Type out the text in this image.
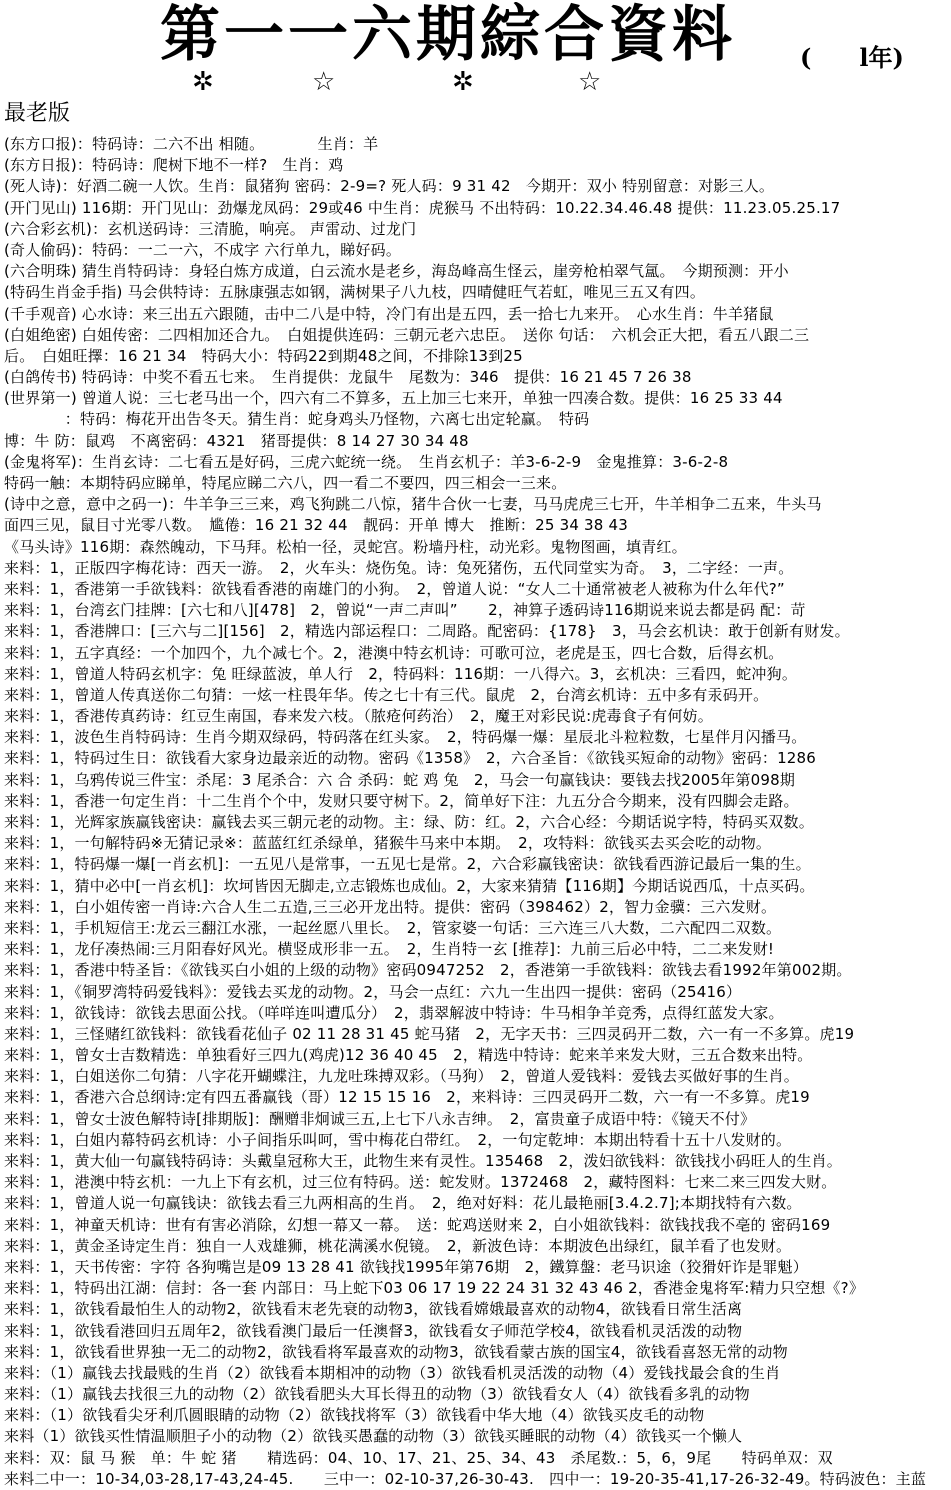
第一一六期綜合資料	(　　l年)
✲	☆	✲	☆
最老版
(东方口报)：特码诗：二六不出 相随。　　　　生肖：羊
(东方日报)：特码诗：爬树下地不一样?　生肖：鸡
(死人诗)：好酒二碗一人饮。生肖：鼠猪狗 密码：2-9=? 死人码：9 31 42　今期开：双小 特别留意：对影三人。
(开门见山) 116期：开门见山：劲爆龙凤码：29或46 中生肖：虎猴马 不出特码：10.22.34.46.48 提供：11.23.05.25.17
(六合彩玄机)：玄机送码诗：三清脆，响亮。 声雷动、过龙门
(奇人偷码)：特码：一二一六，不成字 六行单九，睇好码。
(六合明珠) 猜生肖特码诗：身轻白炼方成道，白云流水是老乡，海岛峰高生怪云，崖旁枪柏翠气氲。　今期预测：开小
(特码生肖金手指) 马会供特诗：五脉康强志如钢，满树果子八九枝，四晴健旺气若虹，唯见三五又有四。
(千手观音) 心水诗：来三出五六跟随，击中二八是中特，冷门有出是五四，丢一拾七九来开。　心水生肖：牛羊猪鼠
(白姐绝密) 白姐传密：二四相加还合九。　白姐提供连码：三朝元老六忠臣。　送你 句话：　六机会正大把，看五八跟二三
后。　白姐旺擇：16 21 34　特码大小：特码22到期48之间，不排除13到25
(白鸽传书) 特码诗：中奖不看五七来。　生肖提供：龙鼠牛　尾数为：346　提供：16 21 45 7 26 38
(世界第一) 曾道人说：三七老马出一个，四六有二不算多，五上加三七来开，单独一四凑合数。提供：16 25 33 44
　　　　：特码：梅花开出告冬天。猜生肖：蛇身鸡头乃怪物，六离七出定轮赢。　特码
博：牛 防：鼠鸡　不离密码：4321　猪哥提供：8 14 27 30 34 48
(金鬼将军)：生肖玄诗：二七看五是好码，三虎六蛇统一绕。　生肖玄机子：羊3-6-2-9　金鬼推算：3-6-2-8
特码一触：本期特码应睇单，特尾应睇二六八，四一看二不要四，四三相会一三来。
(诗中之意，意中之码一)：牛羊争三三来，鸡飞狗跳二八惊，猪牛合伙一七妻，马马虎虎三七开，牛羊相争二五来，牛头马
面四三见，鼠目寸光零八数。　尴倦：16 21 32 44　靓码：开单 博大　推断：25 34 38 43
《马头诗》116期：森然魄动，下马拜。松柏一径，灵蛇宫。粉墙丹柱，动光彩。鬼物图画，填青红。
来料：1，正版四字梅花诗：西天一游。　2，火车头：烧伤兔。诗：兔死猪伤，五代同堂实为奇。　3，二字经：一声。
来料：1，香港第一手欲钱料：欲钱看香港的南雄门的小狗。　2，曾道人说：“女人二十通常被老人被称为什么年代?”
来料：1，台湾玄门挂牌：[六七和八][478]　2，曾说“一声二声叫”　　2，神算子透码诗116期说来说去都是码 配：苛
来料：1，香港牌口：[三六与二][156]　2，精选内部运程口：二周路。配密码：{178}　3，马会玄机诀：敢于创新有财发。
来料：1，五字真经：一个加四个，九个减七个。2，港澳中特玄机诗：可歌可泣，老虎是玉，四七合数，后得玄机。
来料：1，曾道人特码玄机字：兔 旺绿蓝波，单人行　2，特码料：116期：一八得六。3，玄机决：三看四，蛇冲狗。
来料：1，曾道人传真送你二句猜：一炫一柱畏年华。传之七十有三代。鼠虎　2，台湾玄机诗：五中多有汞码开。
来料：1，香港传真药诗：红豆生南国，春来发六枝。（脓疮何药治）　2，魔王对彩民说:虎毒食子有何妨。
来料：1，波色生肖特码诗：生肖今期双绿码，特码落在红头家。　2，特码爆一爆：星辰北斗粒粒数，七星伴月闪播马。
来料：1，特码过生日：欲钱看大家身边最亲近的动物。密码《1358》　2，六合圣旨：《欲钱买短命的动物》密码：1286
来料：1，乌鸦传说三件宝：杀尾：3 尾杀合：六 合 杀码：蛇 鸡 兔　2，马会一句赢钱诀：要钱去找2005年第098期
来料：1，香港一句定生肖：十二生肖个个中，发财只要守树下。2，简单好下注：九五分合今期来，没有四脚会走路。
来料：1，光辉家族赢钱密诀：赢钱去买三朝元老的动物。主：绿、防：红。2，六合心经：今期话说字特，特码买双数。
来料：1，一句解特码※无猜记录※：蓝蓝红红杀绿单，猪猴牛马来中本期。　2，攻特料：欲钱买去买会吃的动物。
来料：1，特码爆一爆[一肖玄机]：一五见八是常事，一五见七是常。2，六合彩赢钱密诀：欲钱看西游记最后一集的生。
来料：1，猜中必中[一肖玄机]：坎坷皆因无脚走,立志锻炼也成仙。2，大家来猜猜【116期】今期话说西瓜，十点买码。
来料：1，白小姐传密一肖诗:六合人生二五造,三三必开龙出特。提供：密码（398462）2，智力金骥：三六发财。
来料：1，手机短信王:龙云三翻江水涨，一起丝愿八里长。　2，管家婆一句话：三六连三八大数，二六配四二双数。
来料：1，龙仔凑热闹:三月阳春好风光。横竖成形非一五。　2，生肖特一玄 [推荐]：九前三后必中特，二二来发财!
来料：1，香港中特圣旨：《欲钱买白小姐的上级的动物》密码0947252　2，香港第一手欲钱料：欲钱去看1992年第002期。
来料：1，《铜罗湾特码爱钱料》：爱钱去买龙的动物。2，马会一点红：六九一生出四一提供：密码（25416）
来料：1，欲钱诗：欲钱去思面公找。（咩咩连叫遭瓜分）　2，翡翠解波中特诗：牛马相争羊竞秀，点得红蓝发大家。
来料：1，三怪赌红欲钱料：欲钱看花仙子 02 11 28 31 45 蛇马猪　2，无字天书：三四灵码开二数，六一有一不多算。虎19
来料：1，曾女士吉数精选：单独看好三四九(鸡虎)12 36 40 45　2，精选中特诗：蛇来羊来发大财，三五合数来出特。
来料：1，白姐送你二句猜：八字花开蝴蝶注，九龙吐珠搏双彩。（马狗）　2，曾道人爱钱料：爱钱去买做好事的生肖。
来料：1，香港六合总纲诗:定有四五番赢钱（哥）12 15 15 16　2，来料诗：三四灵码开二数，六一有一不多算。虎19
来料：1，曾女士波色解特诗[排期版]：酬赠非炯诚三五,上七下八永吉绅。　2，富贵童子成语中特：《镜天不付》
来料：1，白姐内幕特码玄机诗：小子间指乐叫呵，雪中梅花白带红。　2，一句定乾坤：本期出特看十五十八发财的。
来料：1，黄大仙一句赢钱特码诗：头戴皇冠称大王，此物生来有灵性。135468　2，泼妇欲钱料：欲钱找小码旺人的生肖。
来料：1，港澳中特玄机：一九上下有玄机，过三位有特码。送：蛇发财。1372468　2，藏特图料：七来二来三四发大财。
来料：1，曾道人说一句赢钱诀：欲钱去看三九两相高的生肖。　2，绝对好料：花儿最艳丽[3.4.2.7];本期找特有六数。
来料：1，神童天机诗：世有有害必消除，幻想一幕又一幕。　送：蛇鸡送财来 2，白小姐欲钱料：欲钱找我不亳的 密码169
来料：1，黄金圣诗定生肖：独自一人戏雄狮，桃花满溪水倪镜。　2，新波色诗：本期波色出绿红，鼠羊看了也发财。
来料：1，天书传密：字符 各狗嘴岂是09 13 28 41 欲钱找1995年第76期　2，鐵算盤：老马识途（狡猾奸诈是罪魁）
来料：1，特码出江湖：信封：各一套 内部日：马上蛇下03 06 17 19 22 24 31 32 43 46 2，香港金鬼将军:精力只空想《?》
来料：1，欲钱看最怕生人的动物2，欲钱看末老先衰的动物3，欲钱看嫦娥最喜欢的动物4，欲钱看日常生活离
来料：1，欲钱看港回归五周年2，欲钱看澳门最后一任澳督3，欲钱看女子师范学校4，欲钱看机灵活泼的动物
来料：1，欲钱看世界独一无二的动物2，欲钱看将军最喜欢的动物3，欲钱看蒙古族的国宝4，欲钱看喜怒无常的动物
来料：（1）赢钱去找最贱的生肖（2）欲钱看本期相冲的动物（3）欲钱看机灵活泼的动物（4）爱钱找最会食的生肖
来料：（1）赢钱去找很三九的动物（2）欲钱看肥头大耳长得丑的动物（3）欲钱看女人（4）欲钱看多乳的动物
来料：（1）欲钱看尖牙利爪圆眼睛的动物（2）欲钱找将军（3）欲钱看中华大地（4）欲钱买皮毛的动物
来料（1）欲钱买性情温顺胆子小的动物（2）欲钱买愚蠢的动物（3）欲钱买睡眠的动物（4）欲钱买一个懒人
来料：双：鼠 马 猴　单：牛 蛇 猪　　精选码：04、10、17、21、25、34、43　杀尾数.：5，6，9尾　　特码单双：双
来料二中一：10-34,03-28,17-43,24-45.　　三中一：02-10-37,26-30-43.　四中一：19-20-35-41,17-26-32-49。特码波色：主蓝
